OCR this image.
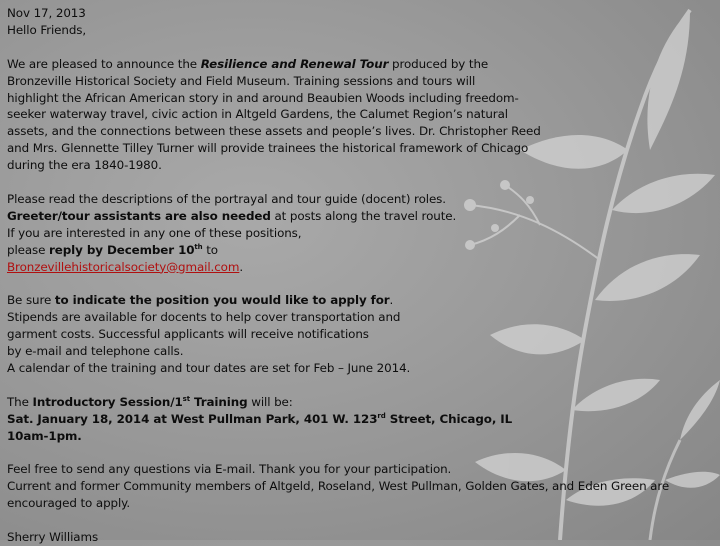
Nov 17, 2013
Hello Friends,
We are pleased to announce the Resilience and Renewal Tour produced by the
Bronzeville Historical Society and Field Museum. Training sessions and tours will
highlight the African American story in and around Beaubien Woods including freedom-
seeker waterway travel, civic action in Altgeld Gardens, the Calumet Region’s natural
assets, and the connections between these assets and people’s lives. Dr. Christopher Reed
and Mrs. Glennette Tilley Turner will provide trainees the historical framework of Chicago
during the era 1840-1980.
Please read the descriptions of the portrayal and tour guide (docent) roles.
Greeter/tour assistants are also needed at posts along the travel route.
If you are interested in any one of these positions,
please reply by December 10th to
Bronzevillehistoricalsociety@gmail.com.
Be sure to indicate the position you would like to apply for.
Stipends are available for docents to help cover transportation and
garment costs. Successful applicants will receive notifications
by e-mail and telephone calls.
A calendar of the training and tour dates are set for Feb – June 2014.
The Introductory Session/1st Training will be:
Sat. January 18, 2014 at West Pullman Park, 401 W. 123rd Street, Chicago, IL
10am-1pm.
Feel free to send any questions via E-mail. Thank you for your participation.
Current and former Community members of Altgeld, Roseland, West Pullman, Golden Gates, and Eden Green are encouraged to apply.
Sherry Williams
